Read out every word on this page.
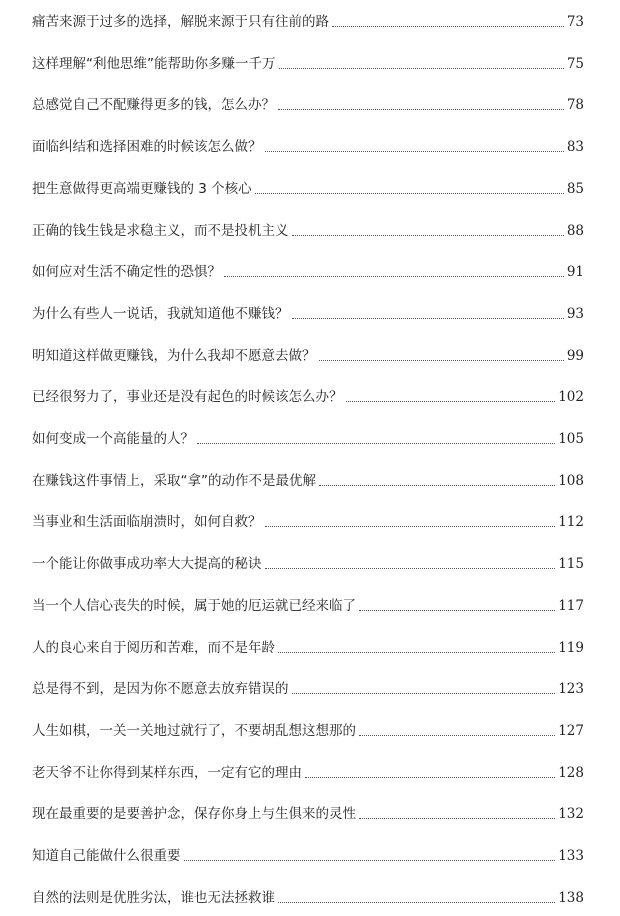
痛苦来源于过多的选择，解脱来源于只有往前的路	73
这样理解“利他思维”能帮助你多赚一千万	75
总感觉自己不配赚得更多的钱，怎么办？	78
面临纠结和选择困难的时候该怎么做？	83
把生意做得更高端更赚钱的 3 个核心	85
正确的钱生钱是求稳主义，而不是投机主义	88
如何应对生活不确定性的恐惧？	91
为什么有些人一说话，我就知道他不赚钱？	93
明知道这样做更赚钱，为什么我却不愿意去做？	99
已经很努力了，事业还是没有起色的时候该怎么办？	102
如何变成一个高能量的人？	105
在赚钱这件事情上，采取“拿”的动作不是最优解	108
当事业和生活面临崩溃时，如何自救？	112
一个能让你做事成功率大大提高的秘诀	115
当一个人信心丧失的时候，属于她的厄运就已经来临了	117
人的良心来自于阅历和苦难，而不是年龄	119
总是得不到，是因为你不愿意去放弃错误的	123
人生如棋，一关一关地过就行了，不要胡乱想这想那的	127
老天爷不让你得到某样东西，一定有它的理由	128
现在最重要的是要善护念，保存你身上与生俱来的灵性	132
知道自己能做什么很重要	133
自然的法则是优胜劣汰，谁也无法拯救谁	138
